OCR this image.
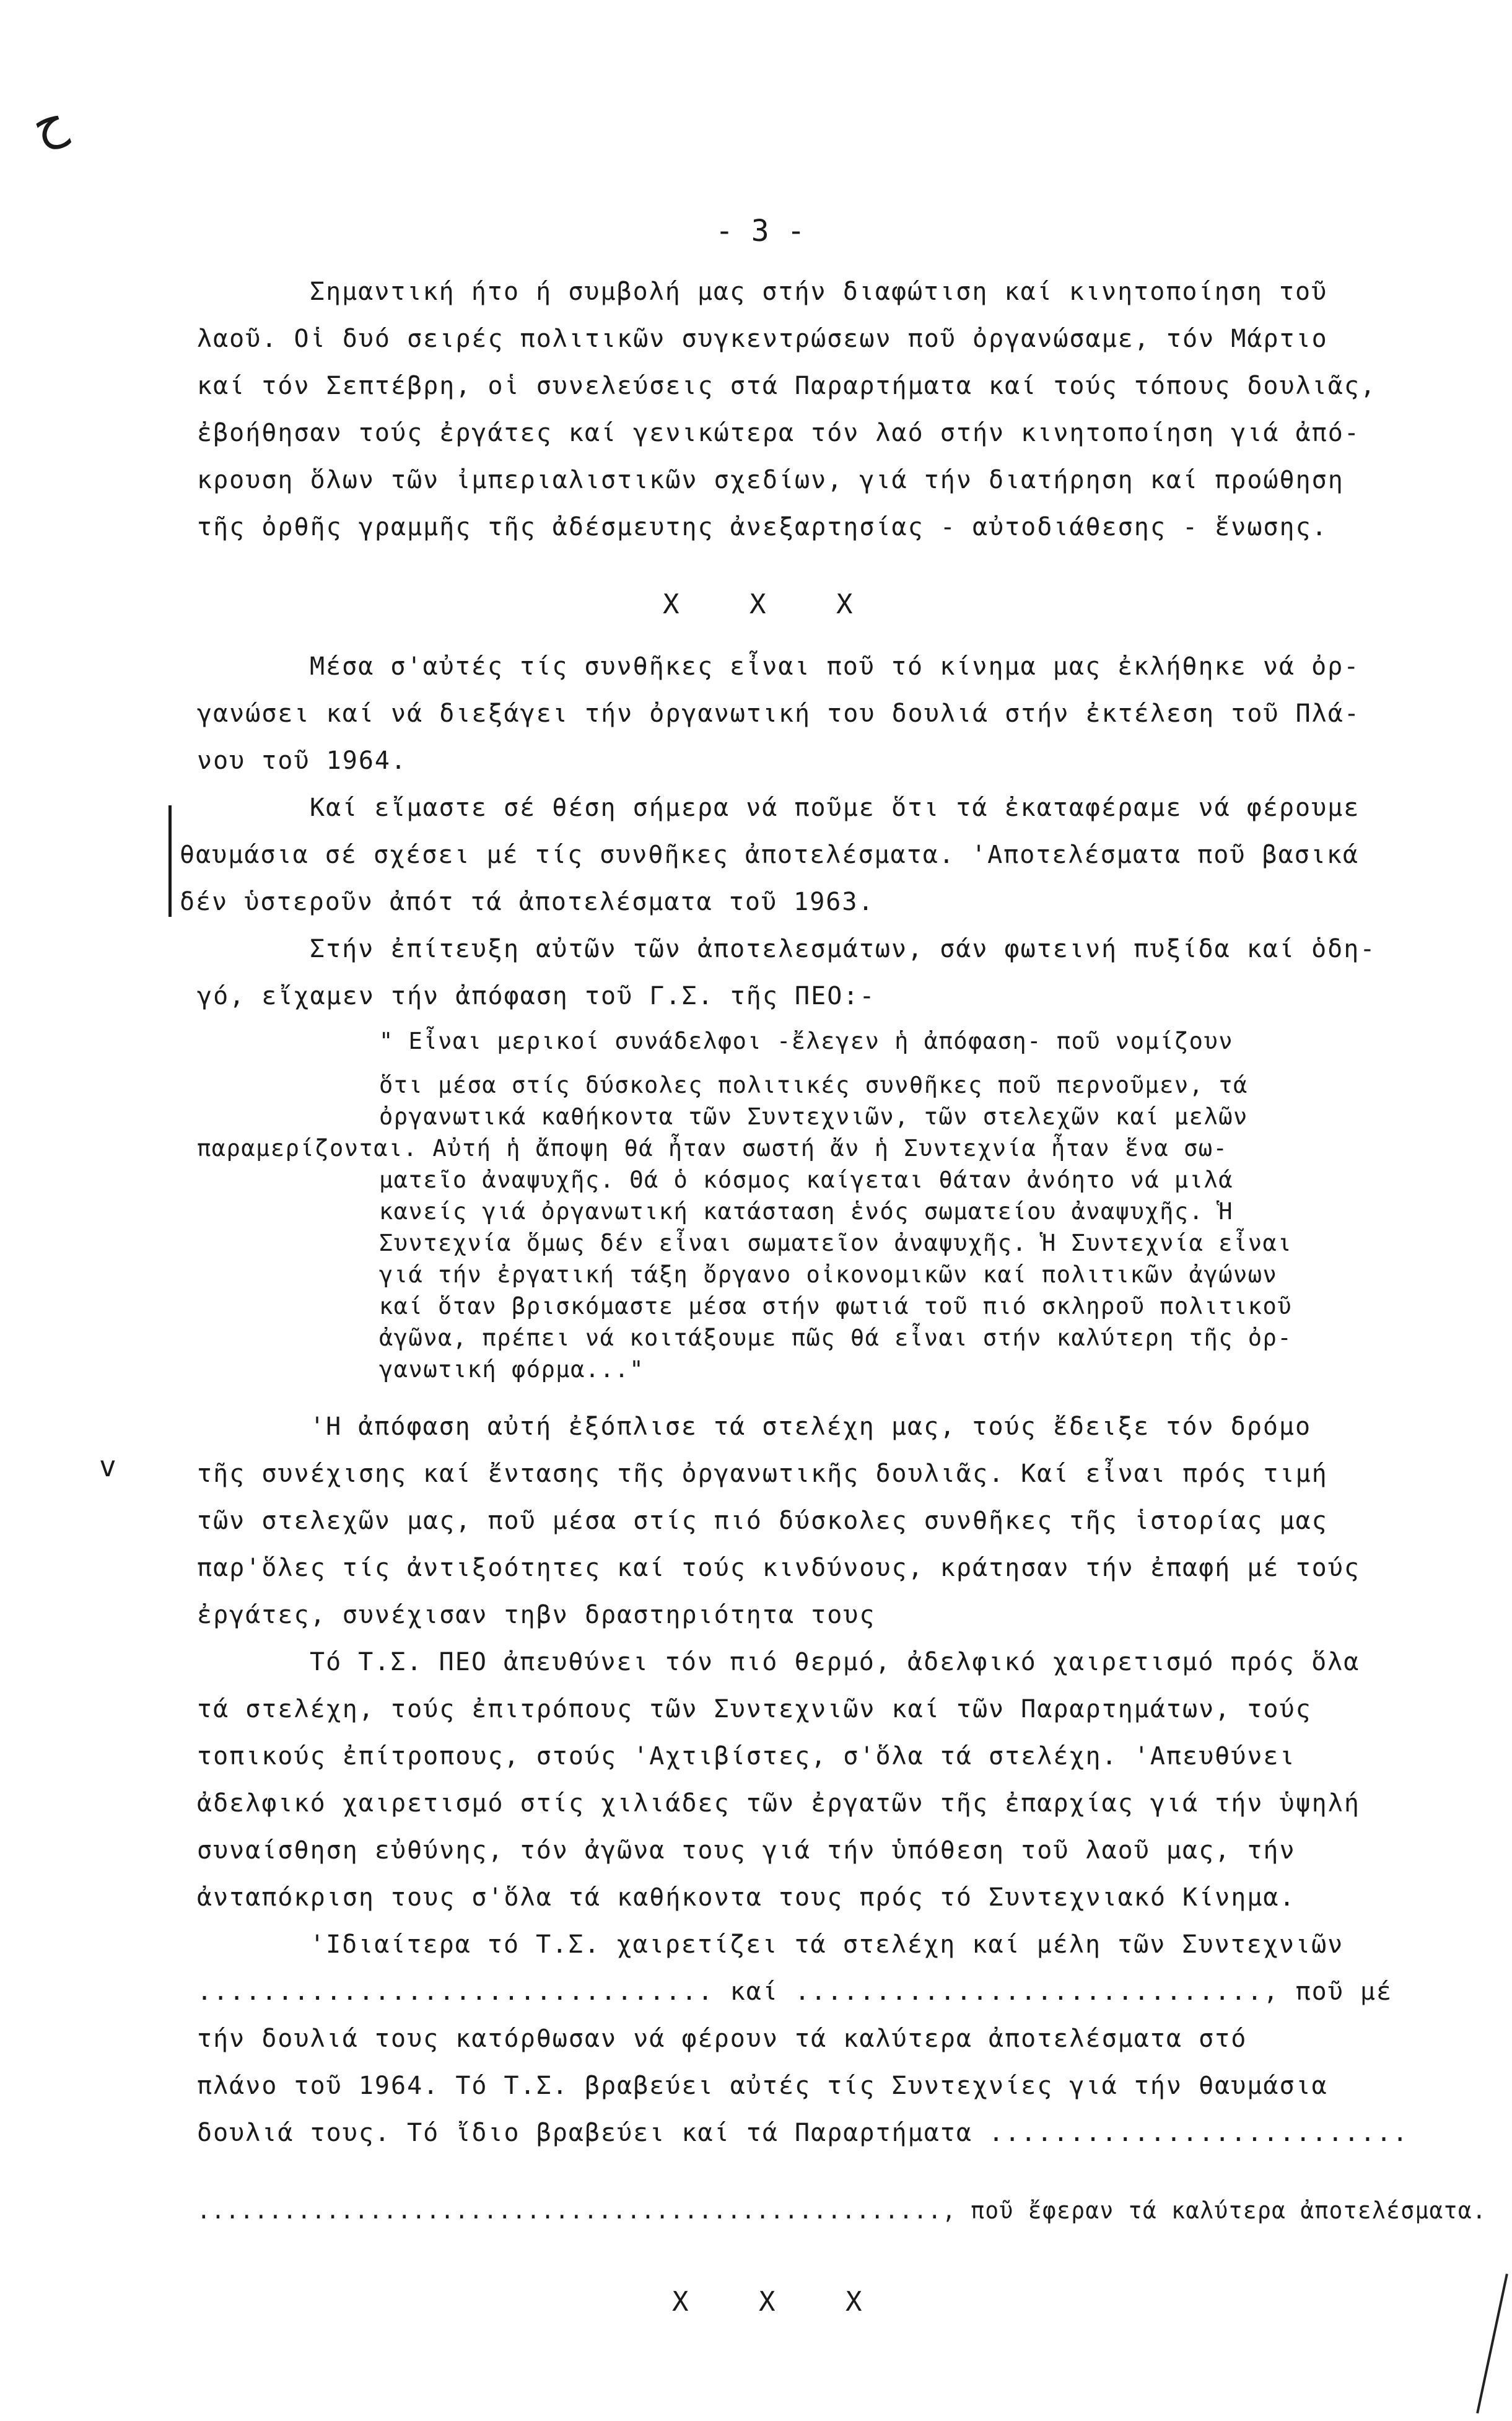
ح
v
- 3 -
Σημαντική ήτο ή συμβολή μας στήν διαφώτιση καί κινητοποίηση τοῦ
λαοῦ. Οἱ δυό σειρές πολιτικῶν συγκεντρώσεων ποῦ ὀργανώσαμε, τόν Μάρτιο
καί τόν Σεπτέβρη, οἱ συνελεύσεις στά Παραρτήματα καί τούς τόπους δουλιᾶς,
ἐβοήθησαν τούς ἐργάτες καί γενικώτερα τόν λαό στήν κινητοποίηση γιά ἀπό-
κρουση ὅλων τῶν ἰμπεριαλιστικῶν σχεδίων, γιά τήν διατήρηση καί προώθηση
τῆς ὀρθῆς γραμμῆς τῆς ἀδέσμευτης ἀνεξαρτησίας - αὐτοδιάθεσης - ἕνωσης.
X	X	X
Μέσα σ'αὐτές τίς συνθῆκες εἶναι ποῦ τό κίνημα μας ἐκλήθηκε νά ὀρ-
γανώσει καί νά διεξάγει τήν ὀργανωτική του δουλιά στήν ἐκτέλεση τοῦ Πλά-
νου τοῦ 1964.
Καί εἴμαστε σέ θέση σήμερα νά ποῦμε ὅτι τά ἐκαταφέραμε νά φέρουμε
θαυμάσια σέ σχέσει μέ τίς συνθῆκες ἀποτελέσματα. 'Αποτελέσματα ποῦ βασικά
δέν ὑστεροῦν ἀπότ τά ἀποτελέσματα τοῦ 1963.
Στήν ἐπίτευξη αὐτῶν τῶν ἀποτελεσμάτων, σάν φωτεινή πυξίδα καί ὁδη-
γό, εἴχαμεν τήν ἀπόφαση τοῦ Γ.Σ. τῆς ΠΕΟ:-
" Εἶναι μερικοί συνάδελφοι -ἔλεγεν ἡ ἀπόφαση- ποῦ νομίζουν
ὅτι μέσα στίς δύσκολες πολιτικές συνθῆκες ποῦ περνοῦμεν, τά
ὀργανωτικά καθήκοντα τῶν Συντεχνιῶν, τῶν στελεχῶν καί μελῶν
παραμερίζονται. Αὐτή ἡ ἄποψη θά ἦταν σωστή ἄν ἡ Συντεχνία ἦταν ἕνα σω-
ματεῖο ἀναψυχῆς. Θά ὁ κόσμος καίγεται θάταν ἀνόητο νά μιλά
κανείς γιά ὀργανωτική κατάσταση ἑνός σωματείου ἀναψυχῆς. Ἡ
Συντεχνία ὅμως δέν εἶναι σωματεῖον ἀναψυχῆς. Ἡ Συντεχνία εἶναι
γιά τήν ἐργατική τάξη ὄργανο οἰκονομικῶν καί πολιτικῶν ἀγώνων
καί ὅταν βρισκόμαστε μέσα στήν φωτιά τοῦ πιό σκληροῦ πολιτικοῦ
ἀγῶνα, πρέπει νά κοιτάξουμε πῶς θά εἶναι στήν καλύτερη τῆς ὀρ-
γανωτική φόρμα..."
'Η ἀπόφαση αὐτή ἐξόπλισε τά στελέχη μας, τούς ἔδειξε τόν δρόμο
τῆς συνέχισης καί ἔντασης τῆς ὀργανωτικῆς δουλιᾶς. Καί εἶναι πρός τιμή
τῶν στελεχῶν μας, ποῦ μέσα στίς πιό δύσκολες συνθῆκες τῆς ἱστορίας μας
παρ'ὅλες τίς ἀντιξοότητες καί τούς κινδύνους, κράτησαν τήν ἐπαφή μέ τούς
ἐργάτες, συνέχισαν τηβν δραστηριότητα τους
Τό Τ.Σ. ΠΕΟ ἀπευθύνει τόν πιό θερμό, ἀδελφικό χαιρετισμό πρός ὅλα
τά στελέχη, τούς ἐπιτρόπους τῶν Συντεχνιῶν καί τῶν Παραρτημάτων, τούς
τοπικούς ἐπίτροπους, στούς 'Αχτιβίστες, σ'ὅλα τά στελέχη. 'Απευθύνει
ἀδελφικό χαιρετισμό στίς χιλιάδες τῶν ἐργατῶν τῆς ἐπαρχίας γιά τήν ὑψηλή
συναίσθηση εὐθύνης, τόν ἀγῶνα τους γιά τήν ὑπόθεση τοῦ λαοῦ μας, τήν
ἀνταπόκριση τους σ'ὅλα τά καθήκοντα τους πρός τό Συντεχνιακό Κίνημα.
'Ιδιαίτερα τό Τ.Σ. χαιρετίζει τά στελέχη καί μέλη τῶν Συντεχνιῶν
................................ καί ............................., ποῦ μέ
τήν δουλιά τους κατόρθωσαν νά φέρουν τά καλύτερα ἀποτελέσματα στό
πλάνο τοῦ 1964. Τό Τ.Σ. βραβεύει αὐτές τίς Συντεχνίες γιά τήν θαυμάσια
δουλιά τους. Τό ἴδιο βραβεύει καί τά Παραρτήματα ..........................
...................................................., ποῦ ἔφεραν τά καλύτερα ἀποτελέσματα.
X	X	X
